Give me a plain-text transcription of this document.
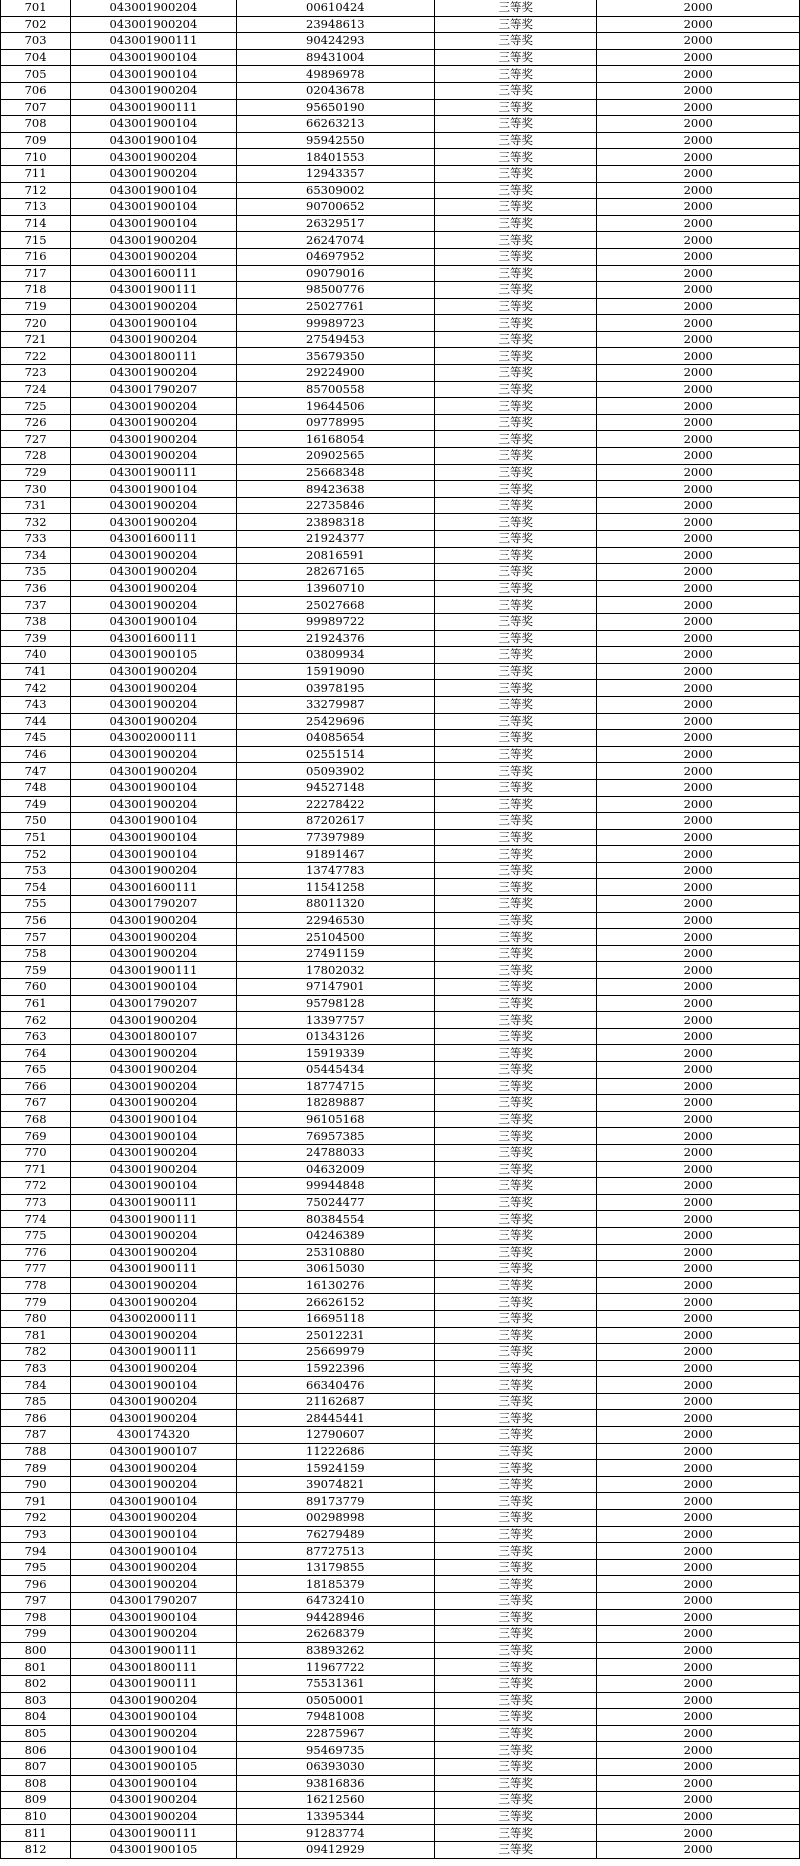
701	043001900204	00610424	三等奖	2000
702	043001900204	23948613	三等奖	2000
703	043001900111	90424293	三等奖	2000
704	043001900104	89431004	三等奖	2000
705	043001900104	49896978	三等奖	2000
706	043001900204	02043678	三等奖	2000
707	043001900111	95650190	三等奖	2000
708	043001900104	66263213	三等奖	2000
709	043001900104	95942550	三等奖	2000
710	043001900204	18401553	三等奖	2000
711	043001900204	12943357	三等奖	2000
712	043001900104	65309002	三等奖	2000
713	043001900104	90700652	三等奖	2000
714	043001900104	26329517	三等奖	2000
715	043001900204	26247074	三等奖	2000
716	043001900204	04697952	三等奖	2000
717	043001600111	09079016	三等奖	2000
718	043001900111	98500776	三等奖	2000
719	043001900204	25027761	三等奖	2000
720	043001900104	99989723	三等奖	2000
721	043001900204	27549453	三等奖	2000
722	043001800111	35679350	三等奖	2000
723	043001900204	29224900	三等奖	2000
724	043001790207	85700558	三等奖	2000
725	043001900204	19644506	三等奖	2000
726	043001900204	09778995	三等奖	2000
727	043001900204	16168054	三等奖	2000
728	043001900204	20902565	三等奖	2000
729	043001900111	25668348	三等奖	2000
730	043001900104	89423638	三等奖	2000
731	043001900204	22735846	三等奖	2000
732	043001900204	23898318	三等奖	2000
733	043001600111	21924377	三等奖	2000
734	043001900204	20816591	三等奖	2000
735	043001900204	28267165	三等奖	2000
736	043001900204	13960710	三等奖	2000
737	043001900204	25027668	三等奖	2000
738	043001900104	99989722	三等奖	2000
739	043001600111	21924376	三等奖	2000
740	043001900105	03809934	三等奖	2000
741	043001900204	15919090	三等奖	2000
742	043001900204	03978195	三等奖	2000
743	043001900204	33279987	三等奖	2000
744	043001900204	25429696	三等奖	2000
745	043002000111	04085654	三等奖	2000
746	043001900204	02551514	三等奖	2000
747	043001900204	05093902	三等奖	2000
748	043001900104	94527148	三等奖	2000
749	043001900204	22278422	三等奖	2000
750	043001900104	87202617	三等奖	2000
751	043001900104	77397989	三等奖	2000
752	043001900104	91891467	三等奖	2000
753	043001900204	13747783	三等奖	2000
754	043001600111	11541258	三等奖	2000
755	043001790207	88011320	三等奖	2000
756	043001900204	22946530	三等奖	2000
757	043001900204	25104500	三等奖	2000
758	043001900204	27491159	三等奖	2000
759	043001900111	17802032	三等奖	2000
760	043001900104	97147901	三等奖	2000
761	043001790207	95798128	三等奖	2000
762	043001900204	13397757	三等奖	2000
763	043001800107	01343126	三等奖	2000
764	043001900204	15919339	三等奖	2000
765	043001900204	05445434	三等奖	2000
766	043001900204	18774715	三等奖	2000
767	043001900204	18289887	三等奖	2000
768	043001900104	96105168	三等奖	2000
769	043001900104	76957385	三等奖	2000
770	043001900204	24788033	三等奖	2000
771	043001900204	04632009	三等奖	2000
772	043001900104	99944848	三等奖	2000
773	043001900111	75024477	三等奖	2000
774	043001900111	80384554	三等奖	2000
775	043001900204	04246389	三等奖	2000
776	043001900204	25310880	三等奖	2000
777	043001900111	30615030	三等奖	2000
778	043001900204	16130276	三等奖	2000
779	043001900204	26626152	三等奖	2000
780	043002000111	16695118	三等奖	2000
781	043001900204	25012231	三等奖	2000
782	043001900111	25669979	三等奖	2000
783	043001900204	15922396	三等奖	2000
784	043001900104	66340476	三等奖	2000
785	043001900204	21162687	三等奖	2000
786	043001900204	28445441	三等奖	2000
787	4300174320	12790607	三等奖	2000
788	043001900107	11222686	三等奖	2000
789	043001900204	15924159	三等奖	2000
790	043001900204	39074821	三等奖	2000
791	043001900104	89173779	三等奖	2000
792	043001900204	00298998	三等奖	2000
793	043001900104	76279489	三等奖	2000
794	043001900104	87727513	三等奖	2000
795	043001900204	13179855	三等奖	2000
796	043001900204	18185379	三等奖	2000
797	043001790207	64732410	三等奖	2000
798	043001900104	94428946	三等奖	2000
799	043001900204	26268379	三等奖	2000
800	043001900111	83893262	三等奖	2000
801	043001800111	11967722	三等奖	2000
802	043001900111	75531361	三等奖	2000
803	043001900204	05050001	三等奖	2000
804	043001900104	79481008	三等奖	2000
805	043001900204	22875967	三等奖	2000
806	043001900104	95469735	三等奖	2000
807	043001900105	06393030	三等奖	2000
808	043001900104	93816836	三等奖	2000
809	043001900204	16212560	三等奖	2000
810	043001900204	13395344	三等奖	2000
811	043001900111	91283774	三等奖	2000
812	043001900105	09412929	三等奖	2000
